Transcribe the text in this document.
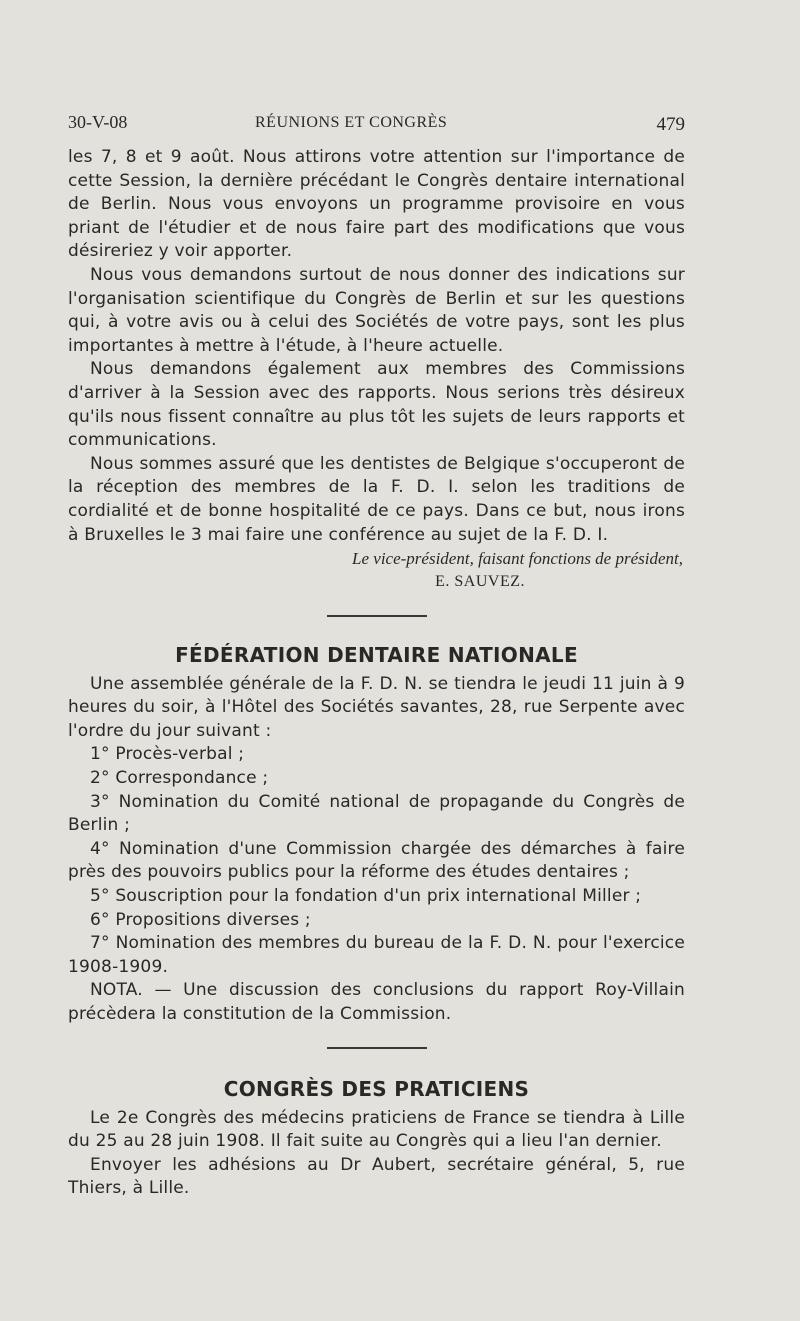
30-V-08	RÉUNIONS ET CONGRÈS	479

les 7, 8 et 9 août. Nous attirons votre attention sur l'importance de cette Session, la dernière précédant le Congrès dentaire international de Berlin. Nous vous envoyons un programme provisoire en vous priant de l'étudier et de nous faire part des modifications que vous désireriez y voir apporter.

Nous vous demandons surtout de nous donner des indications sur l'organisation scientifique du Congrès de Berlin et sur les questions qui, à votre avis ou à celui des Sociétés de votre pays, sont les plus importantes à mettre à l'étude, à l'heure actuelle.

Nous demandons également aux membres des Commissions d'arriver à la Session avec des rapports. Nous serions très désireux qu'ils nous fissent connaître au plus tôt les sujets de leurs rapports et communications.

Nous sommes assuré que les dentistes de Belgique s'occuperont de la réception des membres de la F. D. I. selon les traditions de cordialité et de bonne hospitalité de ce pays. Dans ce but, nous irons à Bruxelles le 3 mai faire une conférence au sujet de la F. D. I.

Le vice-président, faisant fonctions de président,
E. SAUVEZ.
FÉDÉRATION DENTAIRE NATIONALE

Une assemblée générale de la F. D. N. se tiendra le jeudi 11 juin à 9 heures du soir, à l'Hôtel des Sociétés savantes, 28, rue Serpente avec l'ordre du jour suivant :

1° Procès-verbal ;

2° Correspondance ;

3° Nomination du Comité national de propagande du Congrès de Berlin ;

4° Nomination d'une Commission chargée des démarches à faire près des pouvoirs publics pour la réforme des études dentaires ;

5° Souscription pour la fondation d'un prix international Miller ;

6° Propositions diverses ;

7° Nomination des membres du bureau de la F. D. N. pour l'exercice 1908-1909.

NOTA. — Une discussion des conclusions du rapport Roy-Villain précèdera la constitution de la Commission.

CONGRÈS DES PRATICIENS

Le 2e Congrès des médecins praticiens de France se tiendra à Lille du 25 au 28 juin 1908. Il fait suite au Congrès qui a lieu l'an dernier.

Envoyer les adhésions au Dr Aubert, secrétaire général, 5, rue Thiers, à Lille.
